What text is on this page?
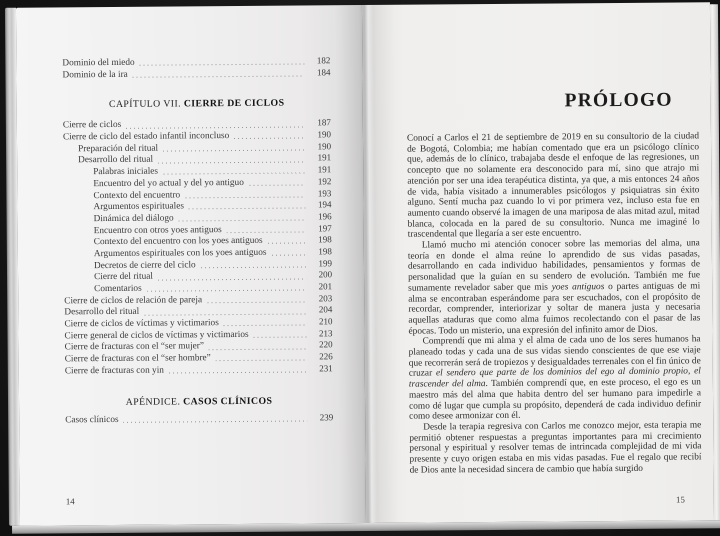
Dominio del miedo	182
Dominio de la ira	184
CAPÍTULO VII. CIERRE DE CICLOS
Cierre de ciclos	187
Cierre de ciclo del estado infantil inconcluso	190
Preparación del ritual	190
Desarrollo del ritual	191
Palabras iniciales	191
Encuentro del yo actual y del yo antiguo	192
Contexto del encuentro	193
Argumentos espirituales	194
Dinámica del diálogo	196
Encuentro con otros yoes antiguos	197
Contexto del encuentro con los yoes antiguos	198
Argumentos espirituales con los yoes antiguos	198
Decretos de cierre del ciclo	199
Cierre del ritual	200
Comentarios	201
Cierre de ciclos de relación de pareja	203
Desarrollo del ritual	204
Cierre de ciclos de víctimas y victimarios	210
Cierre general de ciclos de víctimas y victimarios	213
Cierre de fracturas con el “ser mujer”	220
Cierre de fracturas con el “ser hombre”	226
Cierre de fracturas con yin	231
APÉNDICE. CASOS CLÍNICOS
Casos clínicos	239
14
PRÓLOGO

Conocí a Carlos el 21 de septiembre de 2019 en su consultorio de la ciudad de Bogotá, Colombia; me habían comentado que era un psicólogo clínico que, además de lo clínico, trabajaba desde el enfoque de las regresiones, un concepto que no solamente era desconocido para mí, sino que atrajo mi atención por ser una idea terapéutica distinta, ya que, a mis entonces 24 años de vida, había visitado a innumerables psicólogos y psiquiatras sin éxito alguno. Sentí mucha paz cuando lo vi por primera vez, incluso esta fue en aumento cuando observé la imagen de una mariposa de alas mitad azul, mitad blanca, colocada en la pared de su consultorio. Nunca me imaginé lo trascendental que llegaría a ser este encuentro.

Llamó mucho mi atención conocer sobre las memorias del alma, una teoría en donde el alma reúne lo aprendido de sus vidas pasadas, desarrollando en cada individuo habilidades, pensamientos y formas de personalidad que la guían en su sendero de evolución. También me fue sumamente revelador saber que mis yoes antiguos o partes antiguas de mi alma se encontraban esperándome para ser escuchados, con el propósito de recordar, comprender, interiorizar y soltar de manera justa y necesaria aquellas ataduras que como alma fuimos recolectando con el pasar de las épocas. Todo un misterio, una expresión del infinito amor de Dios.

Comprendí que mi alma y el alma de cada uno de los seres humanos ha planeado todas y cada una de sus vidas siendo conscientes de que ese viaje que recorrerán será de tropiezos y desigualdades terrenales con el fin único de cruzar el sendero que parte de los dominios del ego al dominio propio, el trascender del alma. También comprendí que, en este proceso, el ego es un maestro más del alma que habita dentro del ser humano para impedirle a como dé lugar que cumpla su propósito, dependerá de cada individuo definir como desee armonizar con él.

Desde la terapia regresiva con Carlos me conozco mejor, esta terapia me permitió obtener respuestas a preguntas importantes para mi crecimiento personal y espiritual y resolver temas de intrincada complejidad de mi vida presente y cuyo origen estaba en mis vidas pasadas. Fue el regalo que recibí de Dios ante la necesidad sincera de cambio que había surgido

15
